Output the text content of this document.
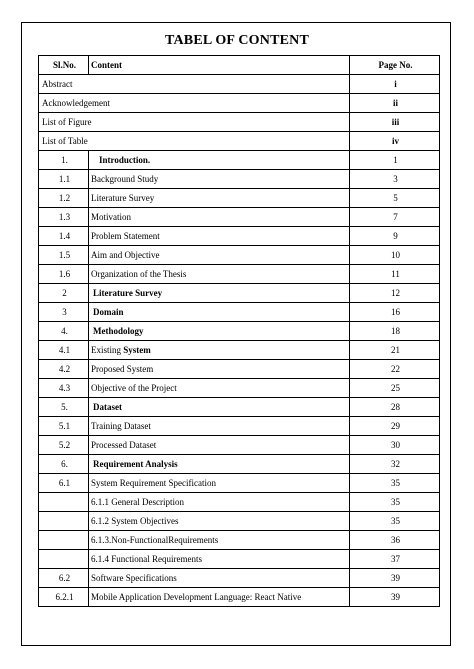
TABEL OF CONTENT
Sl.No.	Content	Page No.
Abstract		i
Acknowledgement		ii
List of Figure		iii
List of Table		iv
1.	Introduction.	1
1.1	Background Study	3
1.2	Literature Survey	5
1.3	Motivation	7
1.4	Problem Statement	9
1.5	Aim and Objective	10
1.6	Organization of the Thesis	11
2	Literature Survey	12
3	Domain	16
4.	Methodology	18
4.1	Existing System	21
4.2	Proposed System	22
4.3	Objective of the Project	25
5.	Dataset	28
5.1	Training Dataset	29
5.2	Processed Dataset	30
6.	Requirement Analysis	32
6.1	System Requirement Specification	35
	6.1.1 General Description	35
	6.1.2 System Objectives	35
	6.1.3.Non-FunctionalRequirements	36
	6.1.4 Functional Requirements	37
6.2	Software Specifications	39
6.2.1	Mobile Application Development Language: React Native	39
